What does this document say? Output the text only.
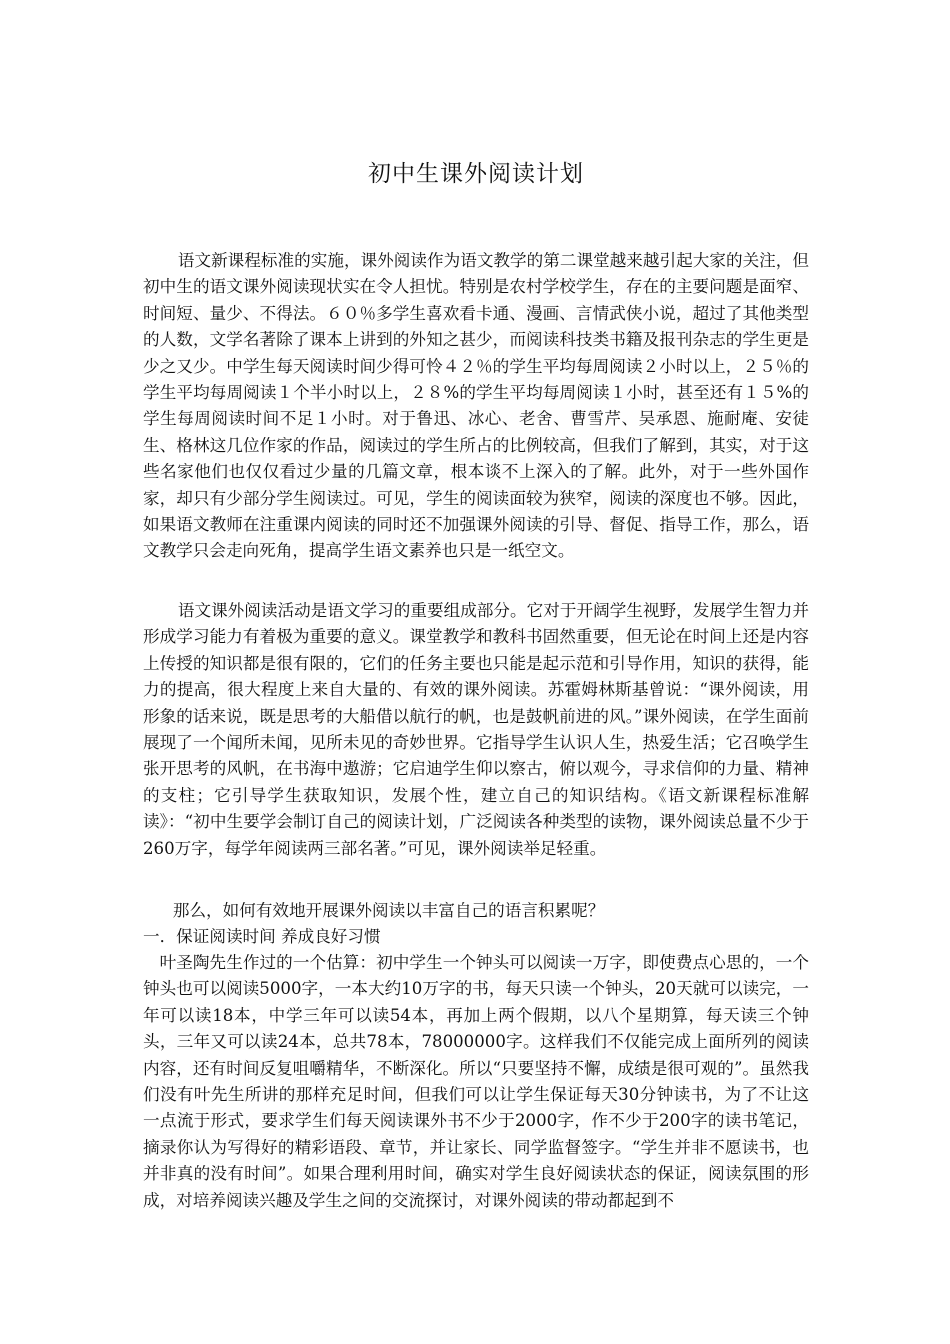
初中生课外阅读计划
语文新课程标准的实施，课外阅读作为语文教学的第二课堂越来越引起大家的关注，但初中生的语文课外阅读现状实在令人担忧。特别是农村学校学生，存在的主要问题是面窄、时间短、量少、不得法。６０％多学生喜欢看卡通、漫画、言情武侠小说，超过了其他类型的人数，文学名著除了课本上讲到的外知之甚少，而阅读科技类书籍及报刊杂志的学生更是少之又少。中学生每天阅读时间少得可怜４２％的学生平均每周阅读２小时以上，２５％的学生平均每周阅读１个半小时以上，２８%的学生平均每周阅读１小时，甚至还有１５%的学生每周阅读时间不足１小时。对于鲁迅、冰心、老舍、曹雪芹、吴承恩、施耐庵、安徒生、格林这几位作家的作品，阅读过的学生所占的比例较高，但我们了解到，其实，对于这些名家他们也仅仅看过少量的几篇文章，根本谈不上深入的了解。此外，对于一些外国作家，却只有少部分学生阅读过。可见，学生的阅读面较为狭窄，阅读的深度也不够。因此，如果语文教师在注重课内阅读的同时还不加强课外阅读的引导、督促、指导工作，那么，语文教学只会走向死角，提高学生语文素养也只是一纸空文。
语文课外阅读活动是语文学习的重要组成部分。它对于开阔学生视野，发展学生智力并形成学习能力有着极为重要的意义。课堂教学和教科书固然重要，但无论在时间上还是内容上传授的知识都是很有限的，它们的任务主要也只能是起示范和引导作用，知识的获得，能力的提高，很大程度上来自大量的、有效的课外阅读。苏霍姆林斯基曾说：“课外阅读，用形象的话来说，既是思考的大船借以航行的帆，也是鼓帆前进的风。”课外阅读，在学生面前展现了一个闻所未闻，见所未见的奇妙世界。它指导学生认识人生，热爱生活；它召唤学生张开思考的风帆，在书海中遨游；它启迪学生仰以察古，俯以观今，寻求信仰的力量、精神的支柱；它引导学生获取知识，发展个性，建立自己的知识结构。《语文新课程标准解读》：“初中生要学会制订自己的阅读计划，广泛阅读各种类型的读物，课外阅读总量不少于260万字，每学年阅读两三部名著。”可见，课外阅读举足轻重。
那么，如何有效地开展课外阅读以丰富自己的语言积累呢？
一．保证阅读时间 养成良好习惯
叶圣陶先生作过的一个估算：初中学生一个钟头可以阅读一万字，即使费点心思的，一个钟头也可以阅读5000字，一本大约10万字的书，每天只读一个钟头，20天就可以读完，一年可以读18本，中学三年可以读54本，再加上两个假期，以八个星期算，每天读三个钟头，三年又可以读24本，总共78本，78000000字。这样我们不仅能完成上面所列的阅读内容，还有时间反复咀嚼精华，不断深化。所以“只要坚持不懈，成绩是很可观的”。虽然我们没有叶先生所讲的那样充足时间，但我们可以让学生保证每天30分钟读书，为了不让这一点流于形式，要求学生们每天阅读课外书不少于2000字，作不少于200字的读书笔记，摘录你认为写得好的精彩语段、章节，并让家长、同学监督签字。“学生并非不愿读书，也并非真的没有时间”。如果合理利用时间，确实对学生良好阅读状态的保证，阅读氛围的形成，对培养阅读兴趣及学生之间的交流探讨，对课外阅读的带动都起到不
